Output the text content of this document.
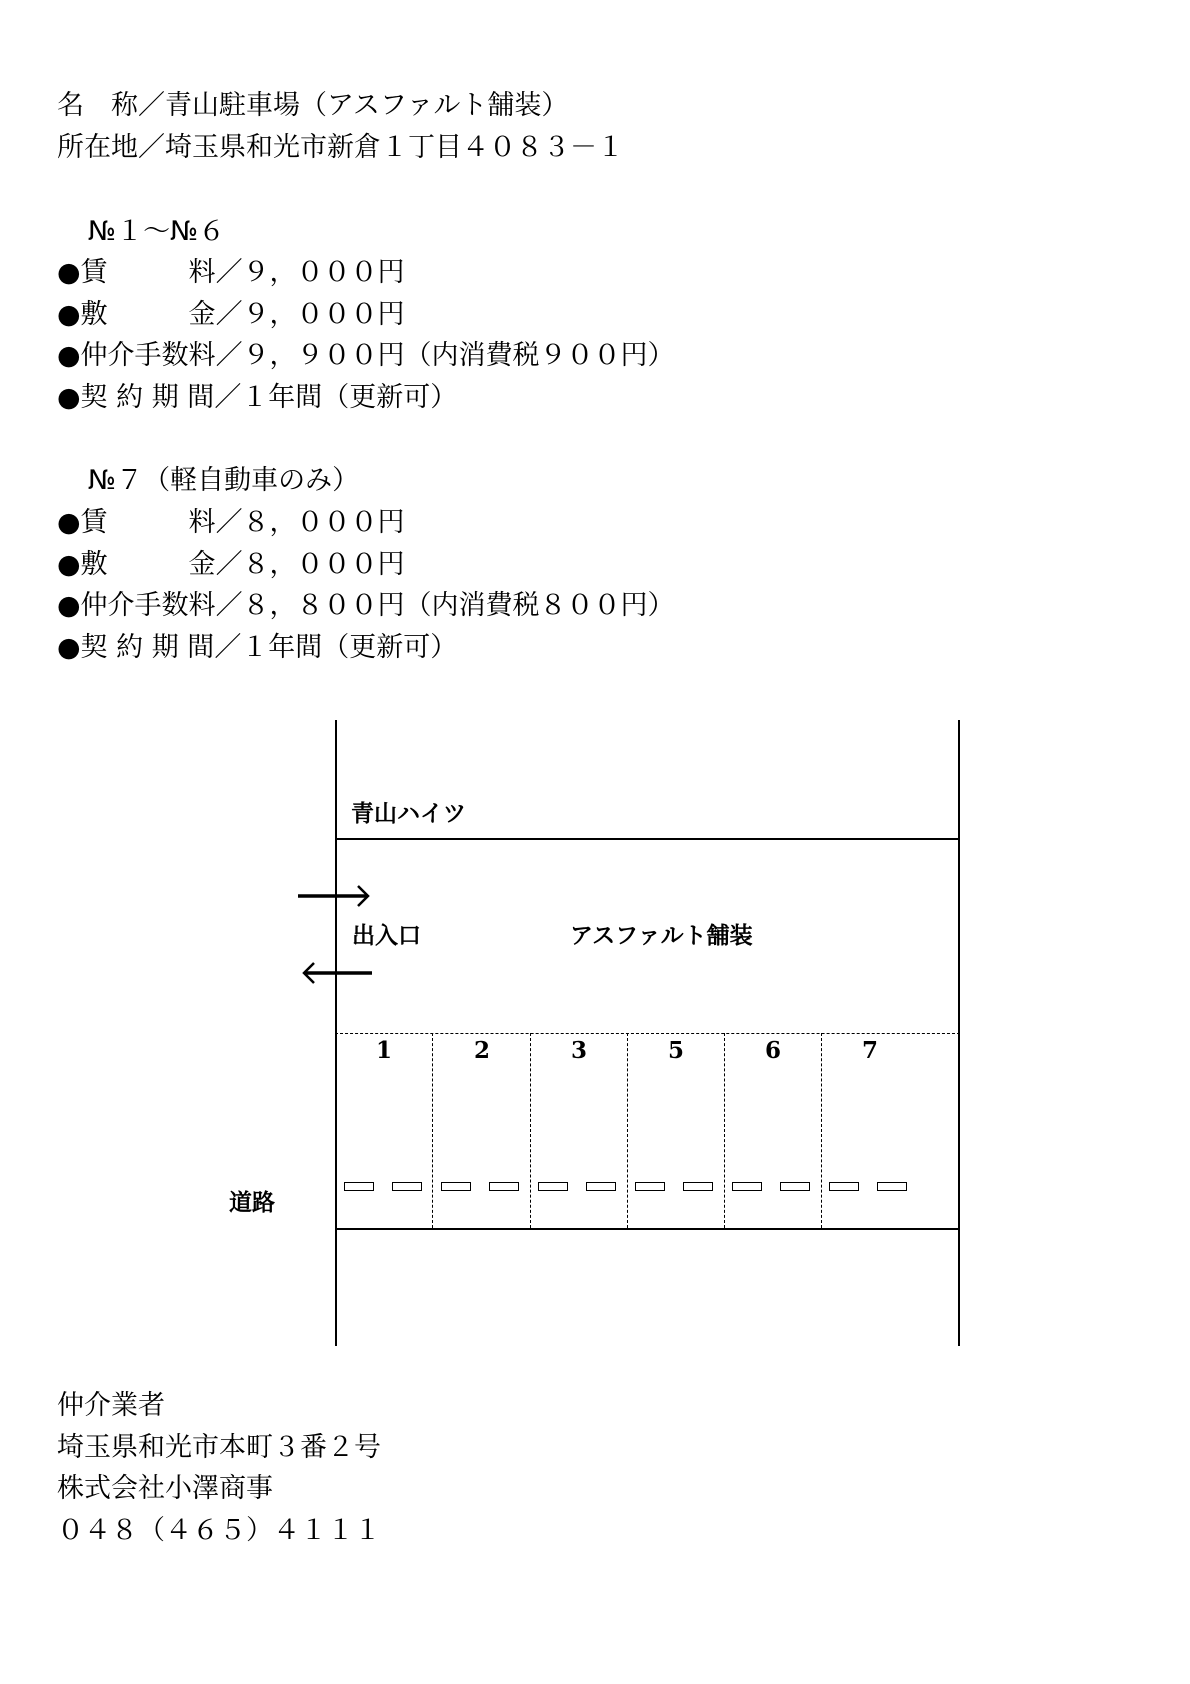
名　称 ／青山駐車場（アスファルト舗装）
所在地 ／埼玉県和光市新倉１丁目４０８３－１
№１～№６
●賃　　　料 ／９，０００円
●敷　　　金 ／９，０００円
●仲介手数料 ／９，９００円（内消費税９００円）
●契 約 期 間 ／１年間（更新可）
№７（軽自動車のみ）
●賃　　　料 ／８，０００円
●敷　　　金 ／８，０００円
●仲介手数料 ／８，８００円（内消費税８００円）
●契 約 期 間 ／１年間（更新可）
青山ハイツ
出入口	アスファルト舗装
道路
1	2	3	5	6	7
仲介業者
埼玉県和光市本町３番２号
株式会社小澤商事
０４８（４６５）４１１１
